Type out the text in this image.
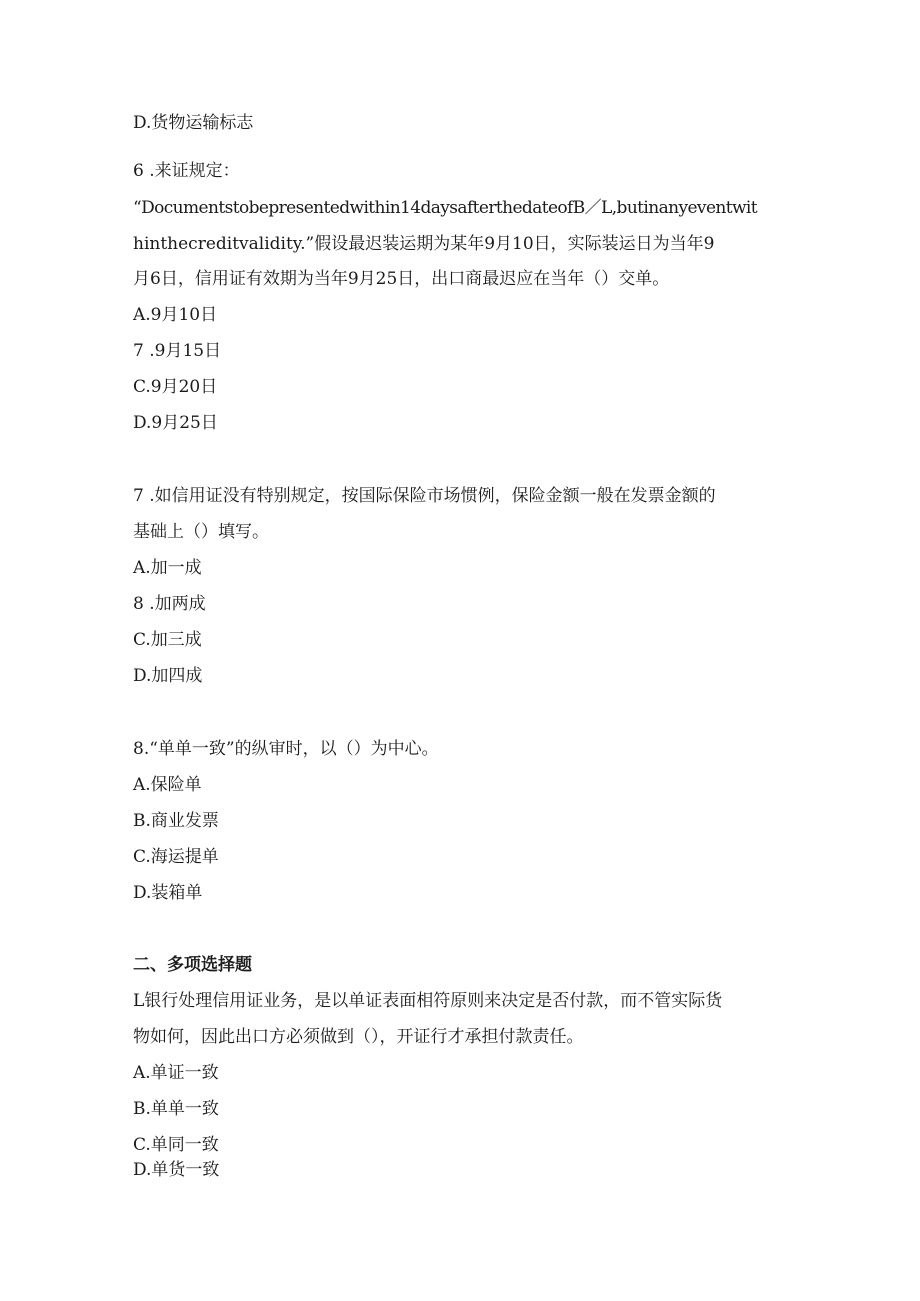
D.货物运输标志

6 .来证规定：

“Documentstobepresentedwithin14daysafterthedateofB／L,butinanyeventwit

hinthecreditvalidity.”假设最迟装运期为某年9月10日，实际装运日为当年9

月6日，信用证有效期为当年9月25日，出口商最迟应在当年（）交单。

A.9月10日

7 .9月15日

C.9月20日

D.9月25日

7 .如信用证没有特别规定，按国际保险市场惯例，保险金额一般在发票金额的

基础上（）填写。

A.加一成

8 .加两成

C.加三成

D.加四成

8.“单单一致”的纵审时，以（）为中心。

A.保险单

B.商业发票

C.海运提单

D.装箱单

二、多项选择题

L银行处理信用证业务，是以单证表面相符原则来决定是否付款，而不管实际货

物如何，因此出口方必须做到（），开证行才承担付款责任。

A.单证一致

B.单单一致

C.单同一致

D.单货一致
